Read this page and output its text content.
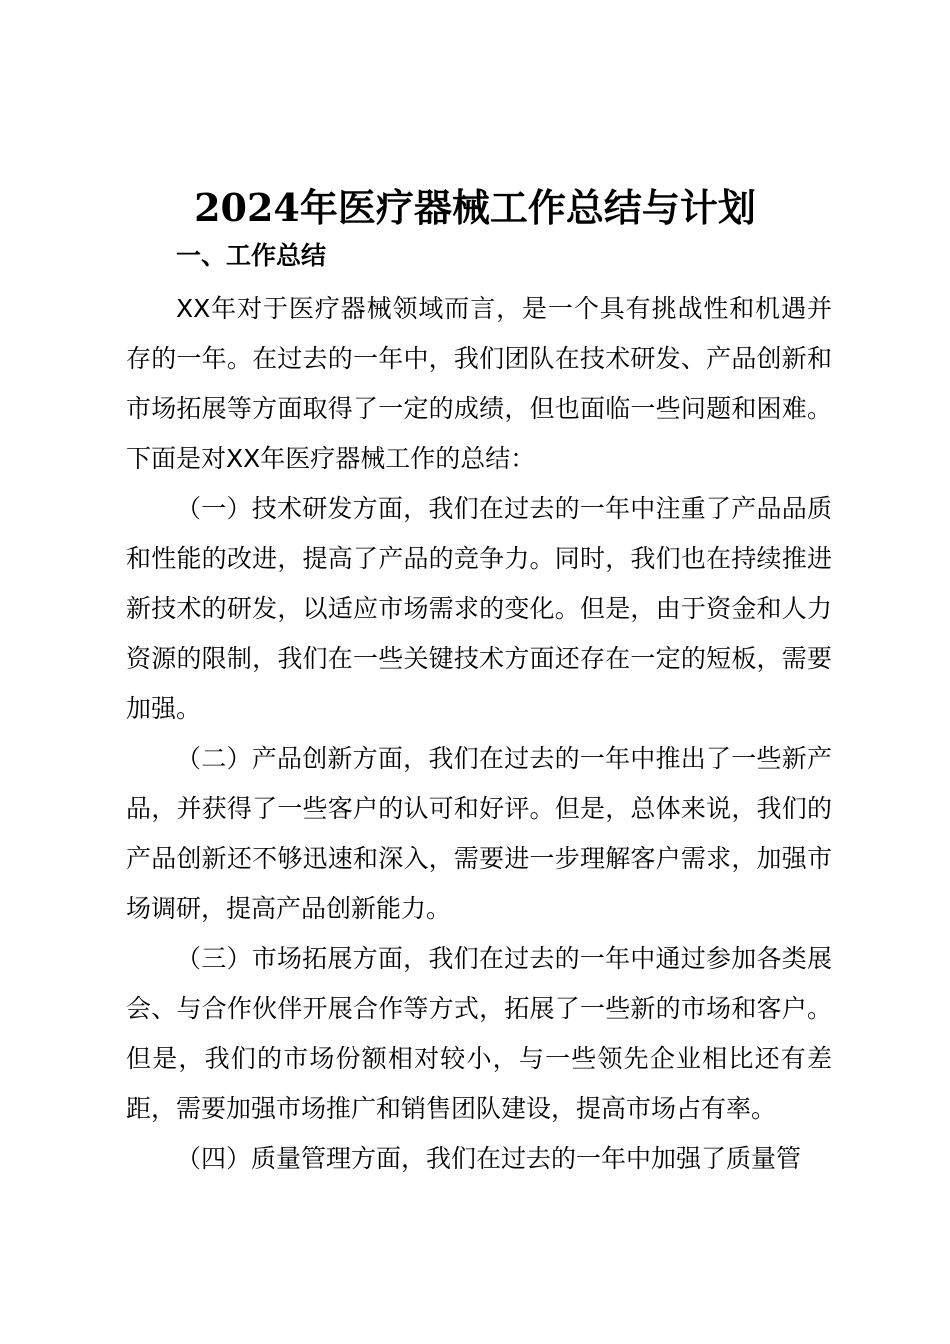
2024年医疗器械工作总结与计划
一、工作总结

XX年对于医疗器械领域而言，是一个具有挑战性和机遇并存的一年。在过去的一年中，我们团队在技术研发、产品创新和市场拓展等方面取得了一定的成绩，但也面临一些问题和困难。下面是对XX年医疗器械工作的总结：

（一）技术研发方面，我们在过去的一年中注重了产品品质和性能的改进，提高了产品的竞争力。同时，我们也在持续推进新技术的研发，以适应市场需求的变化。但是，由于资金和人力资源的限制，我们在一些关键技术方面还存在一定的短板，需要加强。

（二）产品创新方面，我们在过去的一年中推出了一些新产品，并获得了一些客户的认可和好评。但是，总体来说，我们的产品创新还不够迅速和深入，需要进一步理解客户需求，加强市场调研，提高产品创新能力。

（三）市场拓展方面，我们在过去的一年中通过参加各类展会、与合作伙伴开展合作等方式，拓展了一些新的市场和客户。但是，我们的市场份额相对较小，与一些领先企业相比还有差距，需要加强市场推广和销售团队建设，提高市场占有率。

（四）质量管理方面，我们在过去的一年中加强了质量管
